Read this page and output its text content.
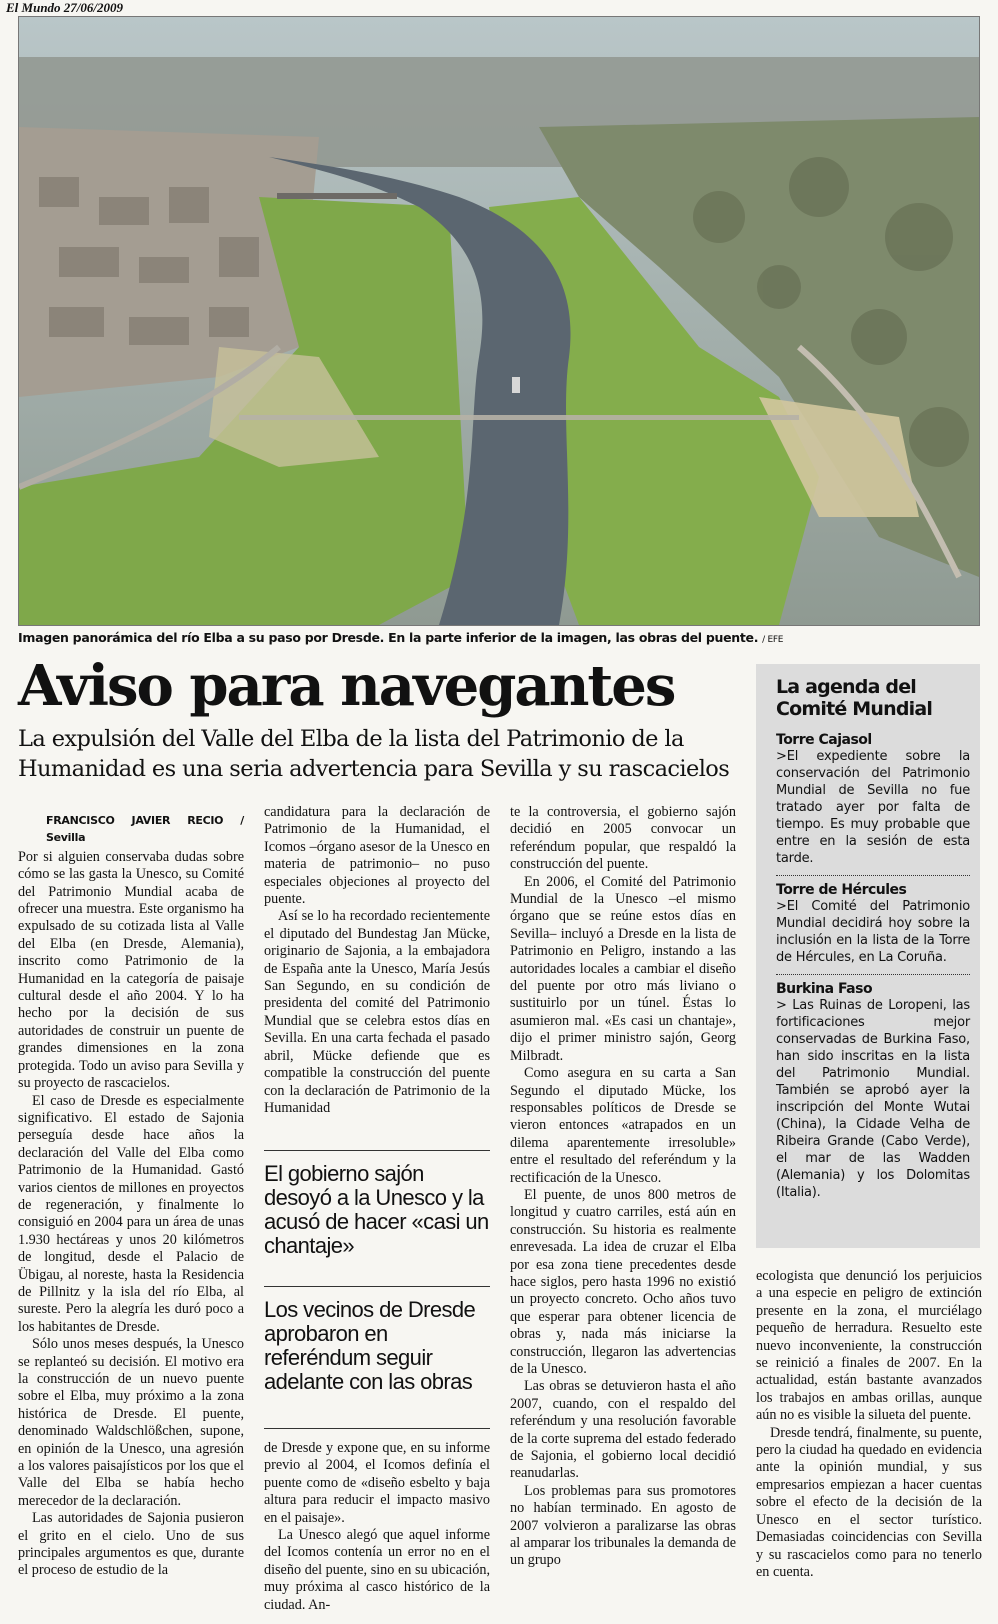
El Mundo 27/06/2009
Imagen panorámica del río Elba a su paso por Dresde. En la parte inferior de la imagen, las obras del puente. / EFE
Aviso para navegantes
La expulsión del Valle del Elba de la lista del Patrimonio de la Humanidad es una seria advertencia para Sevilla y su rascacielos
FRANCISCO JAVIER RECIO / Sevilla

Por si alguien conservaba dudas sobre cómo se las gasta la Unesco, su Comité del Patrimonio Mundial acaba de ofrecer una muestra. Este organismo ha expulsado de su cotizada lista al Valle del Elba (en Dresde, Alemania), inscrito como Patrimonio de la Humanidad en la categoría de paisaje cultural desde el año 2004. Y lo ha hecho por la decisión de sus autoridades de construir un puente de grandes dimensiones en la zona protegida. Todo un aviso para Sevilla y su proyecto de rascacielos.

El caso de Dresde es especialmente significativo. El estado de Sajonia perseguía desde hace años la declaración del Valle del Elba como Patrimonio de la Humanidad. Gastó varios cientos de millones en proyectos de regeneración, y finalmente lo consiguió en 2004 para un área de unas 1.930 hectáreas y unos 20 kilómetros de longitud, desde el Palacio de Übigau, al noreste, hasta la Residencia de Pillnitz y la isla del río Elba, al sureste. Pero la alegría les duró poco a los habitantes de Dresde.

Sólo unos meses después, la Unesco se replanteó su decisión. El motivo era la construcción de un nuevo puente sobre el Elba, muy próximo a la zona histórica de Dresde. El puente, denominado Waldschlößchen, supone, en opinión de la Unesco, una agresión a los valores paisajísticos por los que el Valle del Elba se había hecho merecedor de la declaración.

Las autoridades de Sajonia pusieron el grito en el cielo. Uno de sus principales argumentos es que, durante el proceso de estudio de la

candidatura para la declaración de Patrimonio de la Humanidad, el Icomos –órgano asesor de la Unesco en materia de patrimonio– no puso especiales objeciones al proyecto del puente.

Así se lo ha recordado recientemente el diputado del Bundestag Jan Mücke, originario de Sajonia, a la embajadora de España ante la Unesco, María Jesús San Segundo, en su condición de presidenta del comité del Patrimonio Mundial que se celebra estos días en Sevilla. En una carta fechada el pasado abril, Mücke defiende que es compatible la construcción del puente con la declaración de Patrimonio de la Humanidad

El gobierno sajón desoyó a la Unesco y la acusó de hacer «casi un chantaje»
Los vecinos de Dresde aprobaron en referéndum seguir adelante con las obras

de Dresde y expone que, en su informe previo al 2004, el Icomos definía el puente como de «diseño esbelto y baja altura para reducir el impacto masivo en el paisaje».

La Unesco alegó que aquel informe del Icomos contenía un error no en el diseño del puente, sino en su ubicación, muy próxima al casco histórico de la ciudad. An-

te la controversia, el gobierno sajón decidió en 2005 convocar un referéndum popular, que respaldó la construcción del puente.

En 2006, el Comité del Patrimonio Mundial de la Unesco –el mismo órgano que se reúne estos días en Sevilla– incluyó a Dresde en la lista de Patrimonio en Peligro, instando a las autoridades locales a cambiar el diseño del puente por otro más liviano o sustituirlo por un túnel. Éstas lo asumieron mal. «Es casi un chantaje», dijo el primer ministro sajón, Georg Milbradt.

Como asegura en su carta a San Segundo el diputado Mücke, los responsables políticos de Dresde se vieron entonces «atrapados en un dilema aparentemente irresoluble» entre el resultado del referéndum y la rectificación de la Unesco.

El puente, de unos 800 metros de longitud y cuatro carriles, está aún en construcción. Su historia es realmente enrevesada. La idea de cruzar el Elba por esa zona tiene precedentes desde hace siglos, pero hasta 1996 no existió un proyecto concreto. Ocho años tuvo que esperar para obtener licencia de obras y, nada más iniciarse la construcción, llegaron las advertencias de la Unesco.

Las obras se detuvieron hasta el año 2007, cuando, con el respaldo del referéndum y una resolución favorable de la corte suprema del estado federado de Sajonia, el gobierno local decidió reanudarlas.

Los problemas para sus promotores no habían terminado. En agosto de 2007 volvieron a paralizarse las obras al amparar los tribunales la demanda de un grupo

La agenda del Comité Mundial
Torre Cajasol

>El expediente sobre la conservación del Patrimonio Mundial de Sevilla no fue tratado ayer por falta de tiempo. Es muy probable que entre en la sesión de esta tarde.

Torre de Hércules

>El Comité del Patrimonio Mundial decidirá hoy sobre la inclusión en la lista de la Torre de Hércules, en La Coruña.

Burkina Faso

> Las Ruinas de Loropeni, las fortificaciones mejor conservadas de Burkina Faso, han sido inscritas en la lista del Patrimonio Mundial. También se aprobó ayer la inscripción del Monte Wutai (China), la Cidade Velha de Ribeira Grande (Cabo Verde), el mar de las Wadden (Alemania) y los Dolomitas (Italia).

ecologista que denunció los perjuicios a una especie en peligro de extinción presente en la zona, el murciélago pequeño de herradura. Resuelto este nuevo inconveniente, la construcción se reinició a finales de 2007. En la actualidad, están bastante avanzados los trabajos en ambas orillas, aunque aún no es visible la silueta del puente.

Dresde tendrá, finalmente, su puente, pero la ciudad ha quedado en evidencia ante la opinión mundial, y sus empresarios empiezan a hacer cuentas sobre el efecto de la decisión de la Unesco en el sector turístico. Demasiadas coincidencias con Sevilla y su rascacielos como para no tenerlo en cuenta.
